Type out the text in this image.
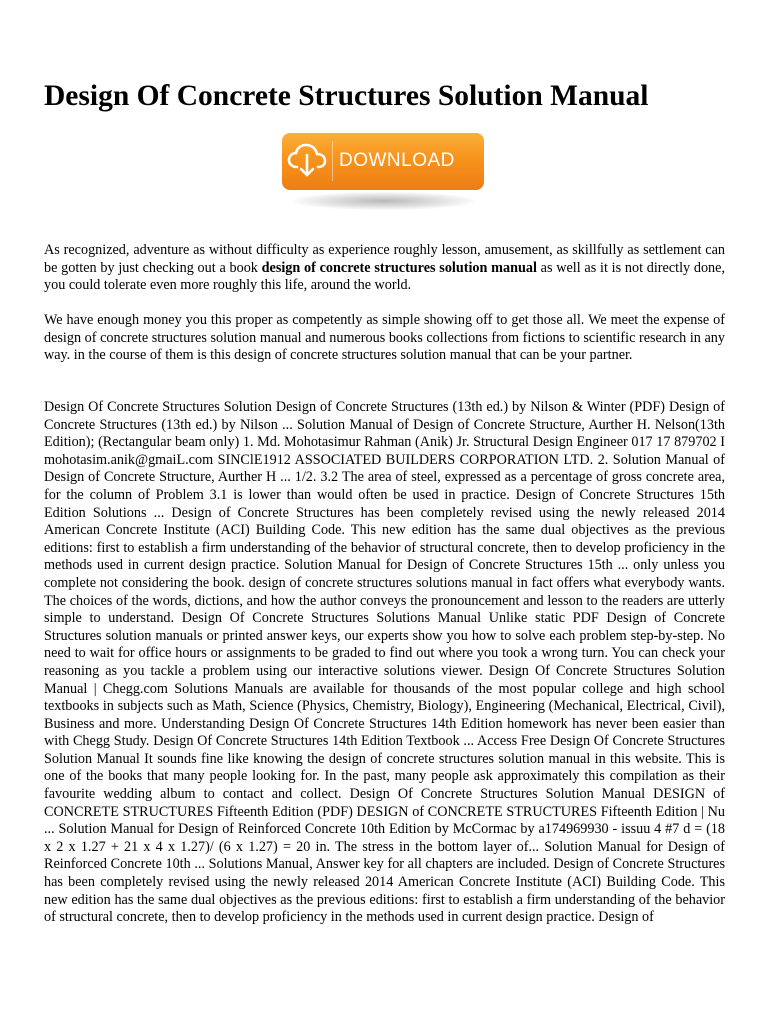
Design Of Concrete Structures Solution Manual
DOWNLOAD

As recognized, adventure as without difficulty as experience roughly lesson, amusement, as skillfully as settlement can be gotten by just checking out a book design of concrete structures solution manual as well as it is not directly done, you could tolerate even more roughly this life, around the world.

We have enough money you this proper as competently as simple showing off to get those all. We meet the expense of design of concrete structures solution manual and numerous books collections from fictions to scientific research in any way. in the course of them is this design of concrete structures solution manual that can be your partner.

Design Of Concrete Structures Solution Design of Concrete Structures (13th ed.) by Nilson & Winter (PDF) Design of Concrete Structures (13th ed.) by Nilson ... Solution Manual of Design of Concrete Structure, Aurther H. Nelson(13th Edition); (Rectangular beam only) 1. Md. Mohotasimur Rahman (Anik) Jr. Structural Design Engineer 017 17 879702 I mohotasim.anik@gmaiL.com SINClE1912 ASSOCIATED BUILDERS CORPORATION LTD. 2. Solution Manual of Design of Concrete Structure, Aurther H ... 1/2. 3.2 The area of steel, expressed as a percentage of gross concrete area, for the column of Problem 3.1 is lower than would often be used in practice. Design of Concrete Structures 15th Edition Solutions ... Design of Concrete Structures has been completely revised using the newly released 2014 American Concrete Institute (ACI) Building Code. This new edition has the same dual objectives as the previous editions: first to establish a firm understanding of the behavior of structural concrete, then to develop proficiency in the methods used in current design practice. Solution Manual for Design of Concrete Structures 15th ... only unless you complete not considering the book. design of concrete structures solutions manual in fact offers what everybody wants. The choices of the words, dictions, and how the author conveys the pronouncement and lesson to the readers are utterly simple to understand. Design Of Concrete Structures Solutions Manual Unlike static PDF Design of Concrete Structures solution manuals or printed answer keys, our experts show you how to solve each problem step-by-step. No need to wait for office hours or assignments to be graded to find out where you took a wrong turn. You can check your reasoning as you tackle a problem using our interactive solutions viewer. Design Of Concrete Structures Solution Manual | Chegg.com Solutions Manuals are available for thousands of the most popular college and high school textbooks in subjects such as Math, Science (Physics, Chemistry, Biology), Engineering (Mechanical, Electrical, Civil), Business and more. Understanding Design Of Concrete Structures 14th Edition homework has never been easier than with Chegg Study. Design Of Concrete Structures 14th Edition Textbook ... Access Free Design Of Concrete Structures Solution Manual It sounds fine like knowing the design of concrete structures solution manual in this website. This is one of the books that many people looking for. In the past, many people ask approximately this compilation as their favourite wedding album to contact and collect. Design Of Concrete Structures Solution Manual DESIGN of CONCRETE STRUCTURES Fifteenth Edition (PDF) DESIGN of CONCRETE STRUCTURES Fifteenth Edition | Nu ... Solution Manual for Design of Reinforced Concrete 10th Edition by McCormac by a174969930 - issuu 4 #7 d = (18 x 2 x 1.27 + 21 x 4 x 1.27)/ (6 x 1.27) = 20 in. The stress in the bottom layer of... Solution Manual for Design of Reinforced Concrete 10th ... Solutions Manual, Answer key for all chapters are included. Design of Concrete Structures has been completely revised using the newly released 2014 American Concrete Institute (ACI) Building Code. This new edition has the same dual objectives as the previous editions: first to establish a firm understanding of the behavior of structural concrete, then to develop proficiency in the methods used in current design practice. Design of
